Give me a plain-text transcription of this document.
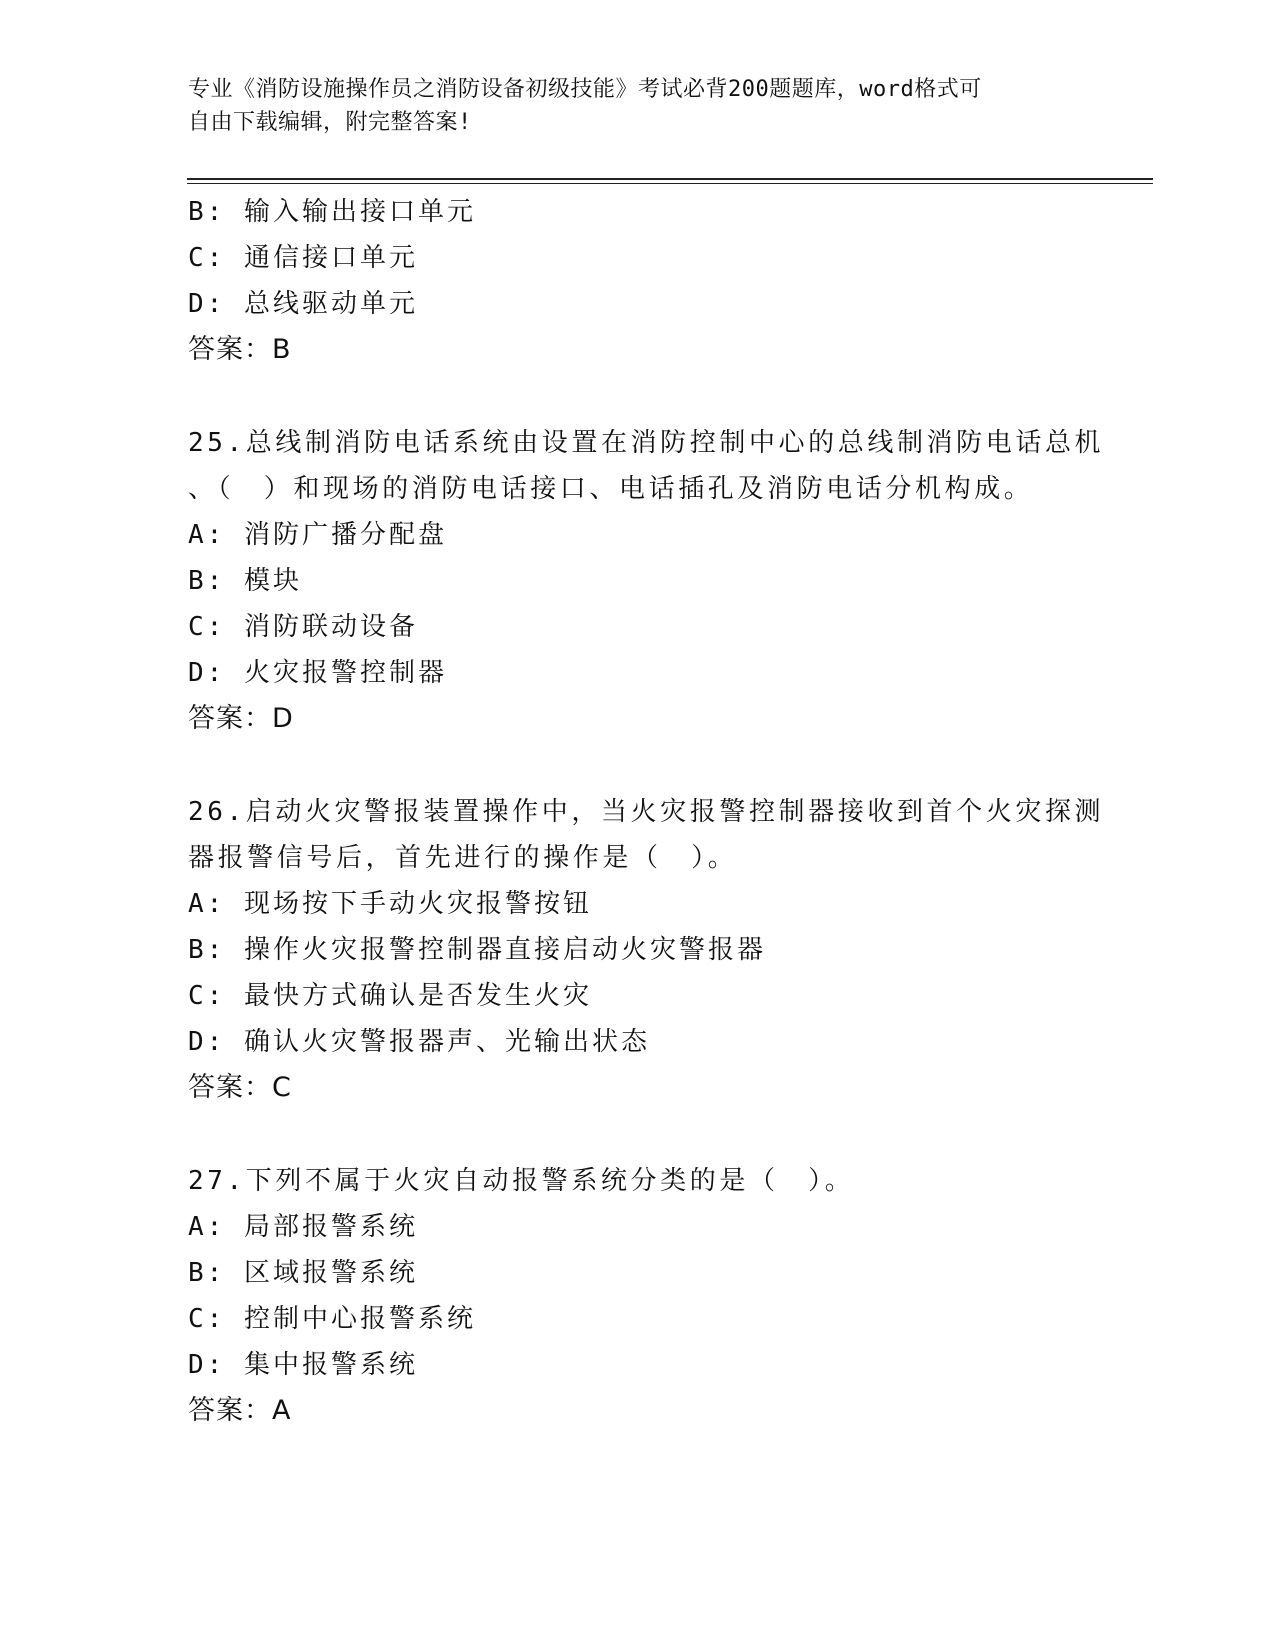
专业《消防设施操作员之消防设备初级技能》考试必背200题题库，word格式可
自由下载编辑，附完整答案!
B: 输入输出接口单元
C: 通信接口单元
D: 总线驱动单元
答案：B
25.总线制消防电话系统由设置在消防控制中心的总线制消防电话总机
、（　）和现场的消防电话接口、电话插孔及消防电话分机构成。
A: 消防广播分配盘
B: 模块
C: 消防联动设备
D: 火灾报警控制器
答案：D
26.启动火灾警报装置操作中，当火灾报警控制器接收到首个火灾探测
器报警信号后，首先进行的操作是（　）。
A: 现场按下手动火灾报警按钮
B: 操作火灾报警控制器直接启动火灾警报器
C: 最快方式确认是否发生火灾
D: 确认火灾警报器声、光输出状态
答案：C
27.下列不属于火灾自动报警系统分类的是（　）。
A: 局部报警系统
B: 区域报警系统
C: 控制中心报警系统
D: 集中报警系统
答案：A
